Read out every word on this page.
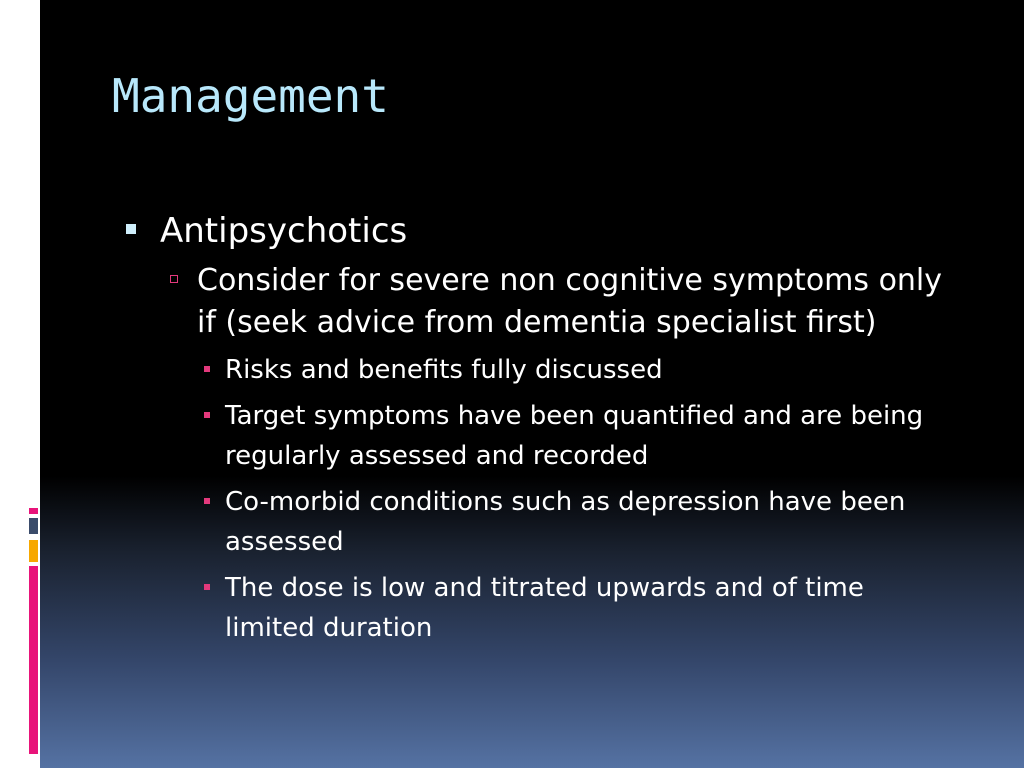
Management
Antipsychotics
Consider for severe non cognitive symptoms only if (seek advice from dementia specialist first)
Risks and benefits fully discussed
Target symptoms have been quantified and are being regularly assessed and recorded
Co-morbid conditions such as depression have been assessed
The dose is low and titrated upwards and of time limited duration
